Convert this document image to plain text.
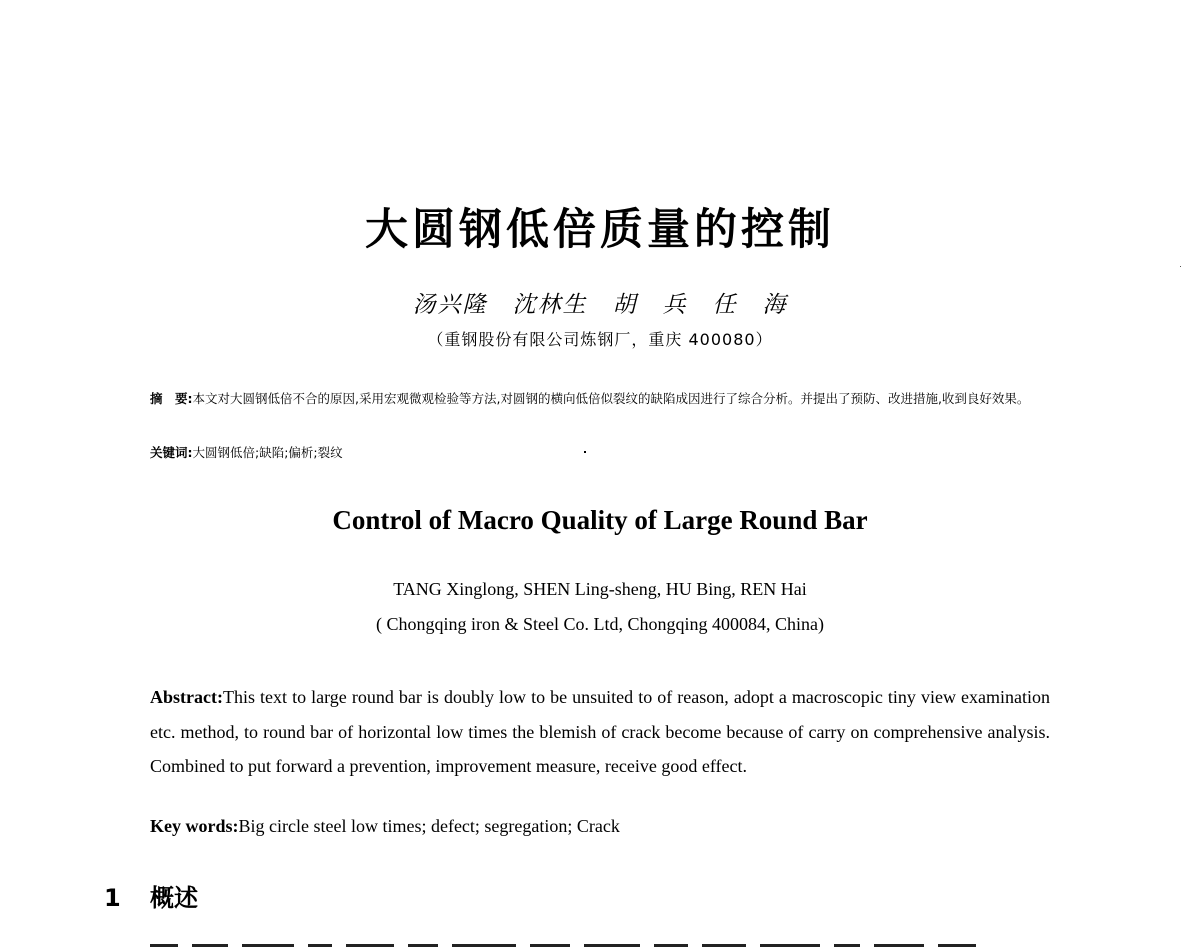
大圆钢低倍质量的控制
汤兴隆　沈林生　胡　兵　任　海
（重钢股份有限公司炼钢厂，重庆 400080）
摘　要:本文对大圆钢低倍不合的原因,采用宏观微观检验等方法,对圆钢的横向低倍似裂纹的缺陷成因进行了综合分析。并提出了预防、改进措施,收到良好效果。
关键词:大圆钢低倍;缺陷;偏析;裂纹
Control of Macro Quality of Large Round Bar
TANG Xinglong, SHEN Ling-sheng, HU Bing, REN Hai
( Chongqing iron & Steel Co. Ltd, Chongqing 400084, China)
Abstract:This text to large round bar is doubly low to be unsuited to of reason, adopt a macroscopic tiny view examination etc. method, to round bar of horizontal low times the blemish of crack become because of carry on comprehensive analysis. Combined to put forward a prevention, improvement measure, receive good effect.
Key words:Big circle steel low times; defect; segregation; Crack
1 概述
